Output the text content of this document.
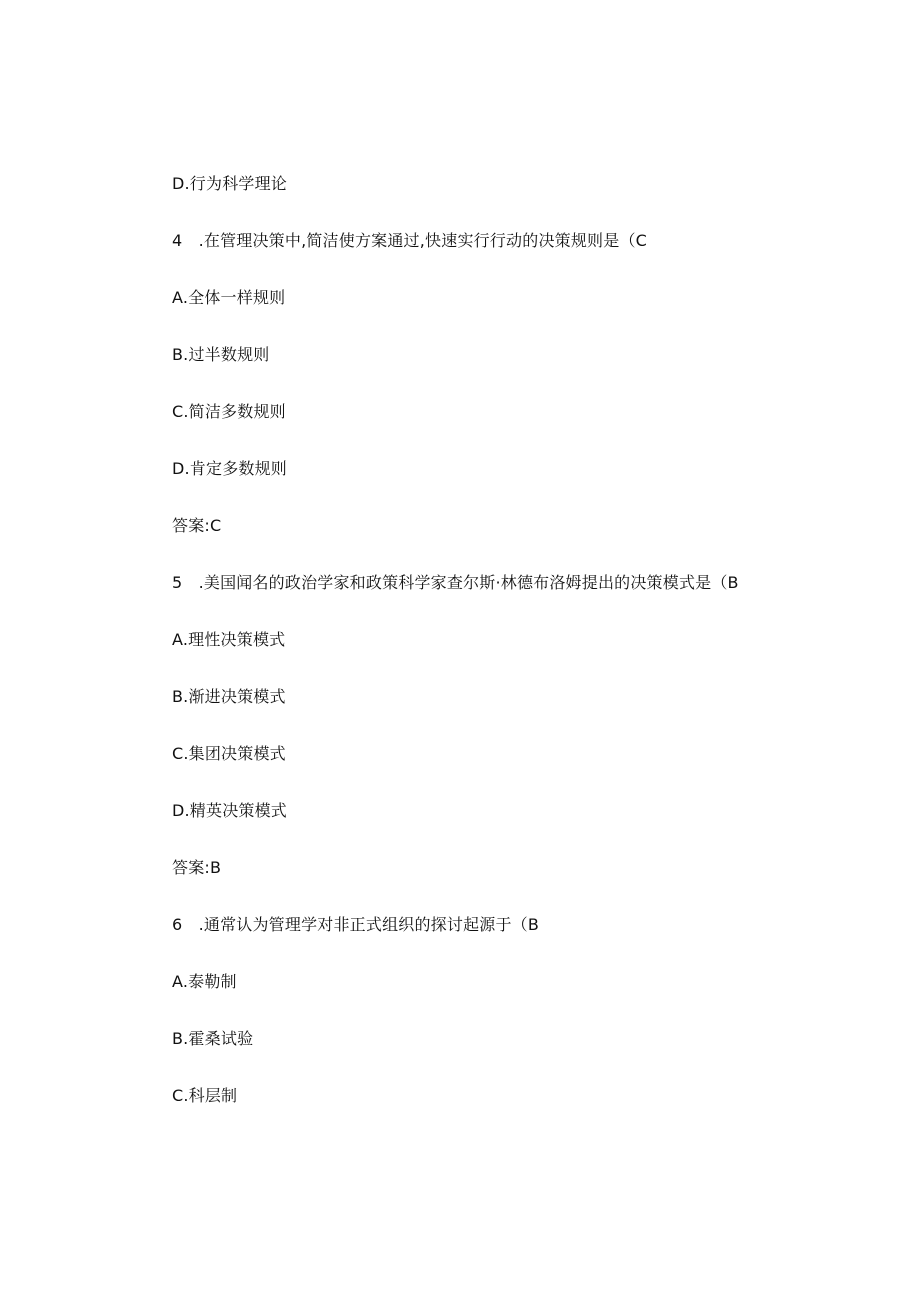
D.行为科学理论
4　.在管理决策中,简洁使方案通过,快速实行行动的决策规则是（C
A.全体一样规则
B.过半数规则
C.简洁多数规则
D.肯定多数规则
答案:C
5　.美国闻名的政治学家和政策科学家查尔斯·林德布洛姆提出的决策模式是（B
A.理性决策模式
B.渐进决策模式
C.集团决策模式
D.精英决策模式
答案:B
6　.通常认为管理学对非正式组织的探讨起源于（B
A.泰勒制
B.霍桑试验
C.科层制
